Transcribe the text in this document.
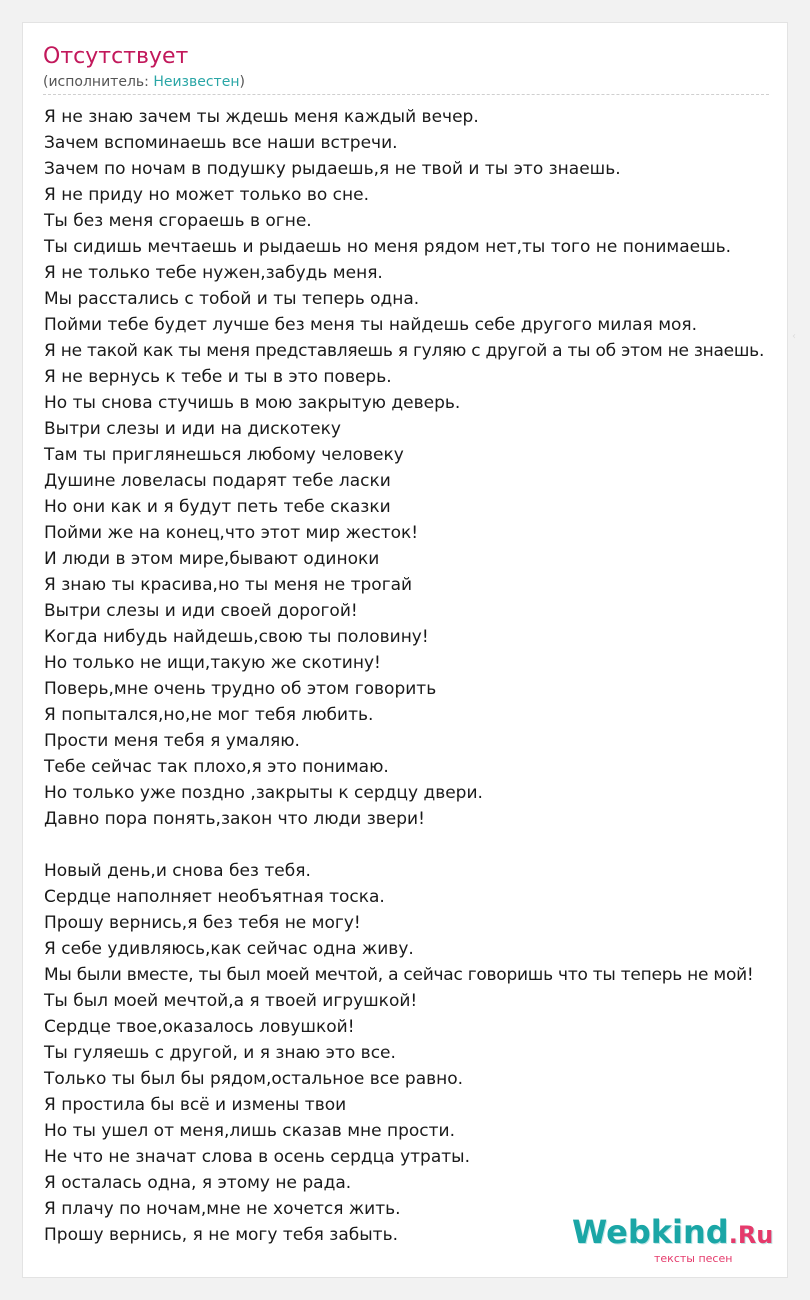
Отсутствует
(исполнитель: Неизвестен)
Я не знаю зачем ты ждешь меня каждый вечер.
Зачем вспоминаешь все наши встречи.
Зачем по ночам в подушку рыдаешь,я не твой и ты это знаешь.
Я не приду но может только во сне.
Ты без меня сгораешь в огне.
Ты сидишь мечтаешь и рыдаешь но меня рядом нет,ты того не понимаешь.
Я не только тебе нужен,забудь меня.
Мы расстались с тобой и ты теперь одна.
Пойми тебе будет лучше без меня ты найдешь себе другого милая моя.
Я не такой как ты меня представляешь я гуляю с другой а ты об этом не знаешь.
Я не вернусь к тебе и ты в это поверь.
Но ты снова стучишь в мою закрытую деверь.
Вытри слезы и иди на дискотеку
Там ты приглянешься любому человеку
Душине ловеласы подарят тебе ласки
Но они как и я будут петь тебе сказки
Пойми же на конец,что этот мир жесток!
И люди в этом мире,бывают одиноки
Я знаю ты красива,но ты меня не трогай
Вытри слезы и иди своей дорогой!
Когда нибудь найдешь,свою ты половину!
Но только не ищи,такую же скотину!
Поверь,мне очень трудно об этом говорить
Я попытался,но,не мог тебя любить.
Прости меня тебя я умаляю.
Тебе сейчас так плохо,я это понимаю.
Но только уже поздно ,закрыты к сердцу двери.
Давно пора понять,закон что люди звери!
Новый день,и снова без тебя.
Сердце наполняет необъятная тоска.
Прошу вернись,я без тебя не могу!
Я себе удивляюсь,как сейчас одна живу.
Мы были вместе, ты был моей мечтой, а сейчас говоришь что ты теперь не мой!
Ты был моей мечтой,а я твоей игрушкой!
Сердце твое,оказалось ловушкой!
Ты гуляешь с другой, и я знаю это все.
Только ты был бы рядом,остальное все равно.
Я простила бы всё и измены твои
Но ты ушел от меня,лишь сказав мне прости.
Не что не значат слова в осень сердца утраты.
Я осталась одна, я этому не рада.
Я плачу по ночам,мне не хочется жить.
Прошу вернись, я не могу тебя забыть.
‹
Webkind.Ru
тексты песен
